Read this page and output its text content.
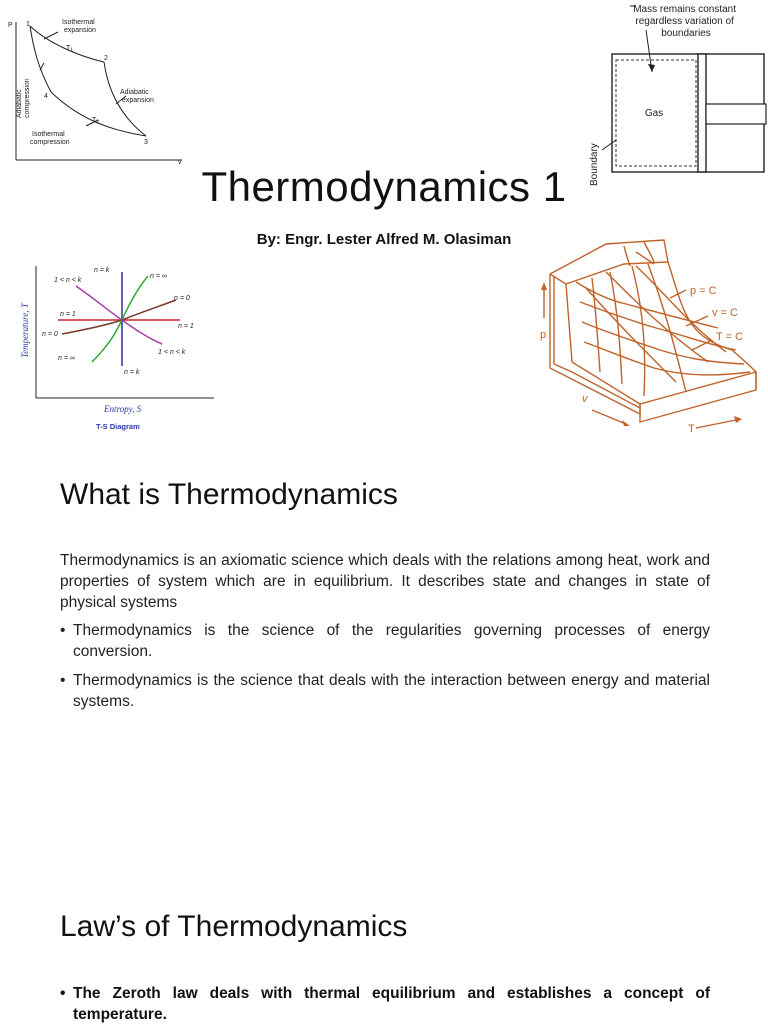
P
v
1
2
3
4
Isothermal expansion
$T_1$
Adiabatic expansion
Adiabatic compression
$T_2$
Isothermal compression
Mass remains constant regardless variation of boundaries
Gas
Boundary
Thermodynamics 1
By: Engr. Lester Alfred M. Olasiman
n = k
n = ∞
1 < n < k
n = 0
n = 1
n = 1
n = 0
1 < n < k
n = ∞
n = k
Temperature, T
Entropy, S
T-S Diagram
p
v
T
p = C
v = C
T = C
What is Thermodynamics
Thermodynamics is an axiomatic science which deals with the relations among heat, work and properties of system which are in equilibrium. It describes state and changes in state of physical systems
• Thermodynamics is the science of the regularities governing processes of energy conversion.
• Thermodynamics is the science that deals with the interaction between energy and material systems.
Law’s of Thermodynamics
• The Zeroth law deals with thermal equilibrium and establishes a concept of temperature.
